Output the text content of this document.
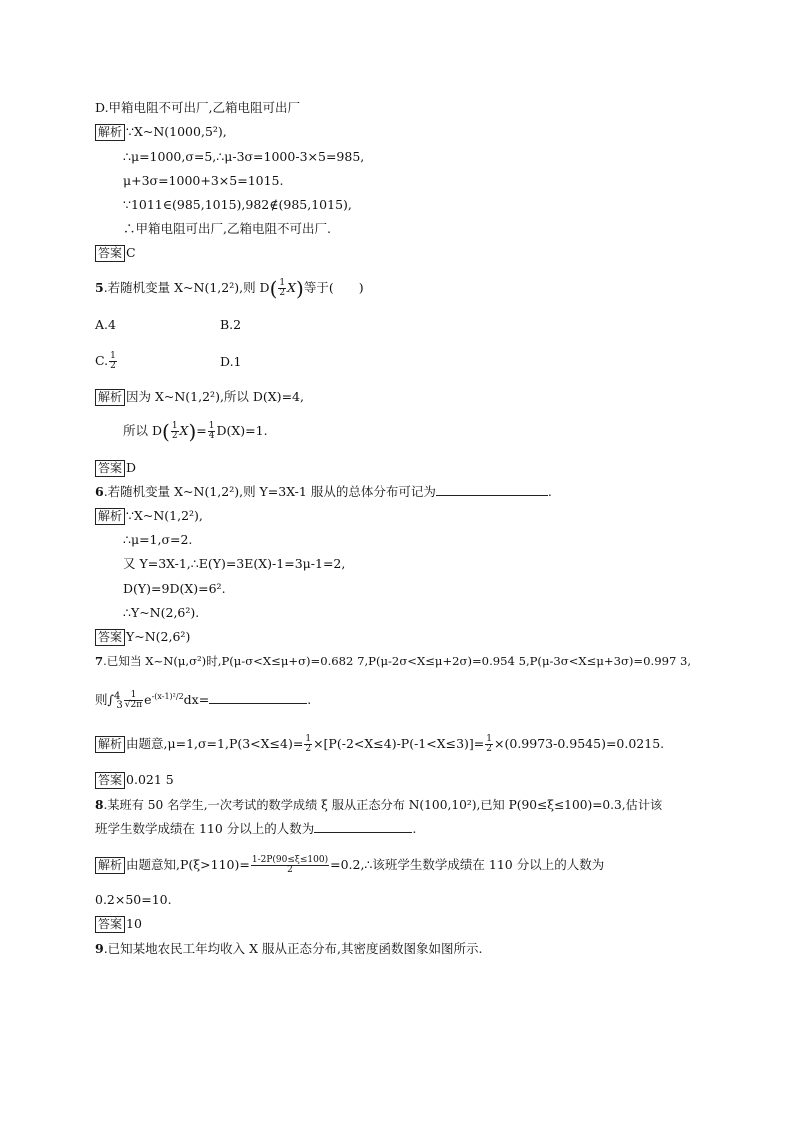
D.甲箱电阻不可出厂,乙箱电阻可出厂
解析 ∵X~N(1000,5²),
∴μ=1000,σ=5,∴μ-3σ=1000-3×5=985,
μ+3σ=1000+3×5=1015.
∵1011∈(985,1015),982∉(985,1015),
∴甲箱电阻可出厂,乙箱电阻不可出厂.
答案 C
5.若随机变量 X~N(1,2²),则 $D( \frac{1}{2} X)$等于(　　)
A.4	B.2
C. $\frac{1}{2}$	D.1
解析 因为 X~N(1,2²),所以 D(X)=4,
所以 $D( \frac{1}{2} X)= \frac{1}{4} D(X)=1$.
答案 D
6.若随机变量 X~N(1,2²),则 Y=3X-1 服从的总体分布可记为	.
解析 ∵X~N(1,2²),
∴μ=1,σ=2.
又 Y=3X-1,∴E(Y)=3E(X)-1=3μ-1=2,
D(Y)=9D(X)=6².
∴Y~N(2,6²).
答案 Y~N(2,6²)
7.已知当 X~N(μ,σ²)时,P(μ-σ<X≤μ+σ)=0.682 7,P(μ-2σ<X≤μ+2σ)=0.954 5,P(μ-3σ<X≤μ+3σ)=0.997 3,
则$\int^4_3 \frac{1}{√2\pi} e^{-(x-1)^2/2}dx=$	.
解析 由题意$,\mu=1,\sigma=1,P(3<X\le 4)= \frac{1}{2} \times[P(-2<X\le 4)-P(-1<X\le 3)]= \frac{1}{2} \times(0.9973-0.9545)=0.0215$.
答案 0.021 5
8.某班有 50 名学生,一次考试的数学成绩 ξ 服从正态分布 N(100,10²),已知 P(90≤ξ≤100)=0.3,估计该
班学生数学成绩在 110 分以上的人数为	.
解析 由题意知$,P(\xi>110)= \frac{1-2P(90\le\xi\le 100)}{2}$ =0.2,∴该班学生数学成绩在 110 分以上的人数为
0.2×50=10.
答案 10
9.已知某地农民工年均收入 X 服从正态分布,其密度函数图象如图所示.
